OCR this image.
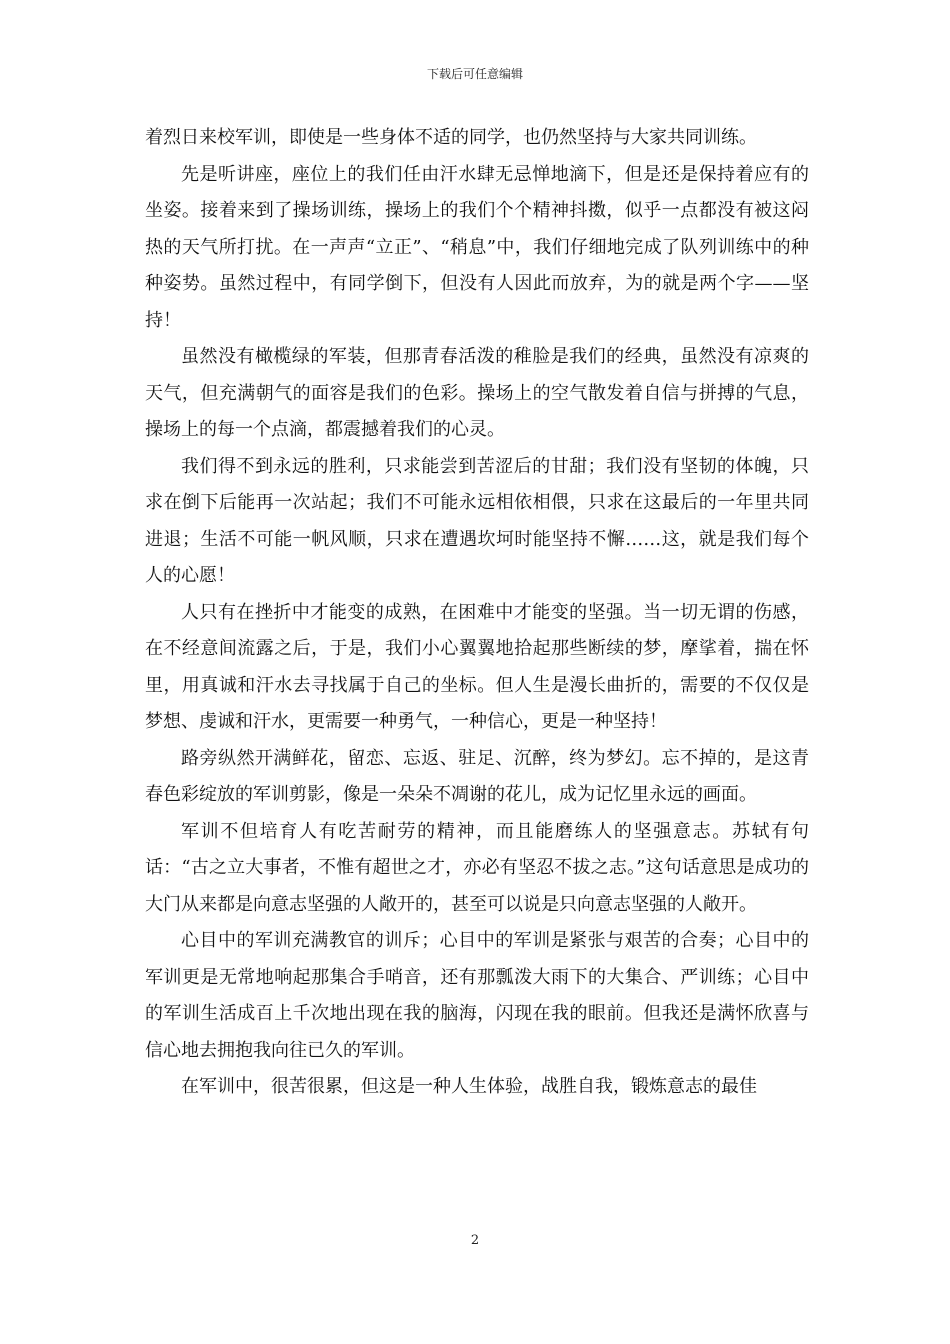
下载后可任意编辑

着烈日来校军训，即使是一些身体不适的同学，也仍然坚持与大家共同训练。

先是听讲座，座位上的我们任由汗水肆无忌惮地滴下，但是还是保持着应有的坐姿。接着来到了操场训练，操场上的我们个个精神抖擞，似乎一点都没有被这闷热的天气所打扰。在一声声“立正”、“稍息”中，我们仔细地完成了队列训练中的种种姿势。虽然过程中，有同学倒下，但没有人因此而放弃，为的就是两个字——坚持！

虽然没有橄榄绿的军装，但那青春活泼的稚脸是我们的经典，虽然没有凉爽的天气，但充满朝气的面容是我们的色彩。操场上的空气散发着自信与拼搏的气息，操场上的每一个点滴，都震撼着我们的心灵。

我们得不到永远的胜利，只求能尝到苦涩后的甘甜；我们没有坚韧的体魄，只求在倒下后能再一次站起；我们不可能永远相依相偎，只求在这最后的一年里共同进退；生活不可能一帆风顺，只求在遭遇坎坷时能坚持不懈……这，就是我们每个人的心愿！

人只有在挫折中才能变的成熟，在困难中才能变的坚强。当一切无谓的伤感，在不经意间流露之后，于是，我们小心翼翼地拾起那些断续的梦，摩挲着，揣在怀里，用真诚和汗水去寻找属于自己的坐标。但人生是漫长曲折的，需要的不仅仅是梦想、虔诚和汗水，更需要一种勇气，一种信心，更是一种坚持！

路旁纵然开满鲜花，留恋、忘返、驻足、沉醉，终为梦幻。忘不掉的，是这青春色彩绽放的军训剪影，像是一朵朵不凋谢的花儿，成为记忆里永远的画面。

军训不但培育人有吃苦耐劳的精神，而且能磨练人的坚强意志。苏轼有句话：“古之立大事者，不惟有超世之才，亦必有坚忍不拔之志。”这句话意思是成功的大门从来都是向意志坚强的人敞开的，甚至可以说是只向意志坚强的人敞开。

心目中的军训充满教官的训斥；心目中的军训是紧张与艰苦的合奏；心目中的军训更是无常地响起那集合手哨音，还有那瓢泼大雨下的大集合、严训练；心目中的军训生活成百上千次地出现在我的脑海，闪现在我的眼前。但我还是满怀欣喜与信心地去拥抱我向往已久的军训。

在军训中，很苦很累，但这是一种人生体验，战胜自我，锻炼意志的最佳

2
